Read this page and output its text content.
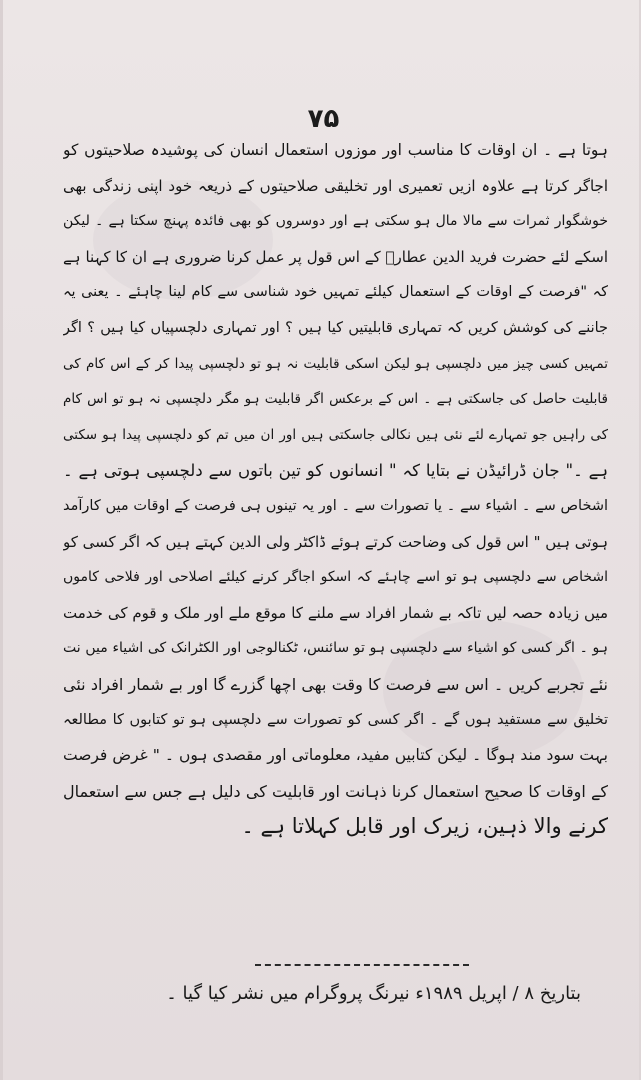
۷۵
ہوتا ہے ۔ ان اوقات کا مناسب اور موزوں استعمال انسان کی پوشیدہ صلاحیتوں کو
اجاگر کرتا ہے علاوہ ازیں تعمیری اور تخلیقی صلاحیتوں کے ذریعہ خود اپنی زندگی بھی
خوشگوار ثمرات سے مالا مال ہو سکتی ہے اور دوسروں کو بھی فائدہ پہنچ سکتا ہے ۔ لیکن
اسکے لئے حضرت فرید الدین عطارؒ کے اس قول پر عمل کرنا ضروری ہے ان کا کہنا ہے
کہ "فرصت کے اوقات کے استعمال کیلئے تمہیں خود شناسی سے کام لینا چاہئے ۔ یعنی یہ
جاننے کی کوشش کریں کہ تمہاری قابلیتیں کیا ہیں ؟ اور تمہاری دلچسپیاں کیا ہیں ؟ اگر
تمہیں کسی چیز میں دلچسپی ہو لیکن اسکی قابلیت نہ ہو تو دلچسپی پیدا کر کے اس کام کی
قابلیت حاصل کی جاسکتی ہے ۔ اس کے برعکس اگر قابلیت ہو مگر دلچسپی نہ ہو تو اس کام
کی راہیں جو تمہارے لئے نئی ہیں نکالی جاسکتی ہیں اور ان میں تم کو دلچسپی پیدا ہو سکتی
ہے ۔" جان ڈرائیڈن نے بتایا کہ " انسانوں کو تین باتوں سے دلچسپی ہوتی ہے ۔
اشخاص سے ۔ اشیاء سے ۔ یا تصورات سے ۔ اور یہ تینوں ہی فرصت کے اوقات میں کارآمد
ہوتی ہیں " اس قول کی وضاحت کرتے ہوئے ڈاکٹر ولی الدین کہتے ہیں کہ اگر کسی کو
اشخاص سے دلچسپی ہو تو اسے چاہئے کہ اسکو اجاگر کرنے کیلئے اصلاحی اور فلاحی کاموں
میں زیادہ حصہ لیں تاکہ بے شمار افراد سے ملنے کا موقع ملے اور ملک و قوم کی خدمت
ہو ۔ اگر کسی کو اشیاء سے دلچسپی ہو تو سائنس، ٹکنالوجی اور الکٹرانک کی اشیاء میں نت
نئے تجربے کریں ۔ اس سے فرصت کا وقت بھی اچھا گزرے گا اور بے شمار افراد نئی
تخلیق سے مستفید ہوں گے ۔ اگر کسی کو تصورات سے دلچسپی ہو تو کتابوں کا مطالعہ
بہت سود مند ہوگا ۔ لیکن کتابیں مفید، معلوماتی اور مقصدی ہوں ۔ " غرض فرصت
کے اوقات کا صحیح استعمال کرنا ذہانت اور قابلیت کی دلیل ہے جس سے استعمال
کرنے والا ذہین، زیرک اور قابل کہلاتا ہے ۔
بتاریخ ۸ / اپریل ۱۹۸۹ء نیرنگ پروگرام میں نشر کیا گیا ۔
